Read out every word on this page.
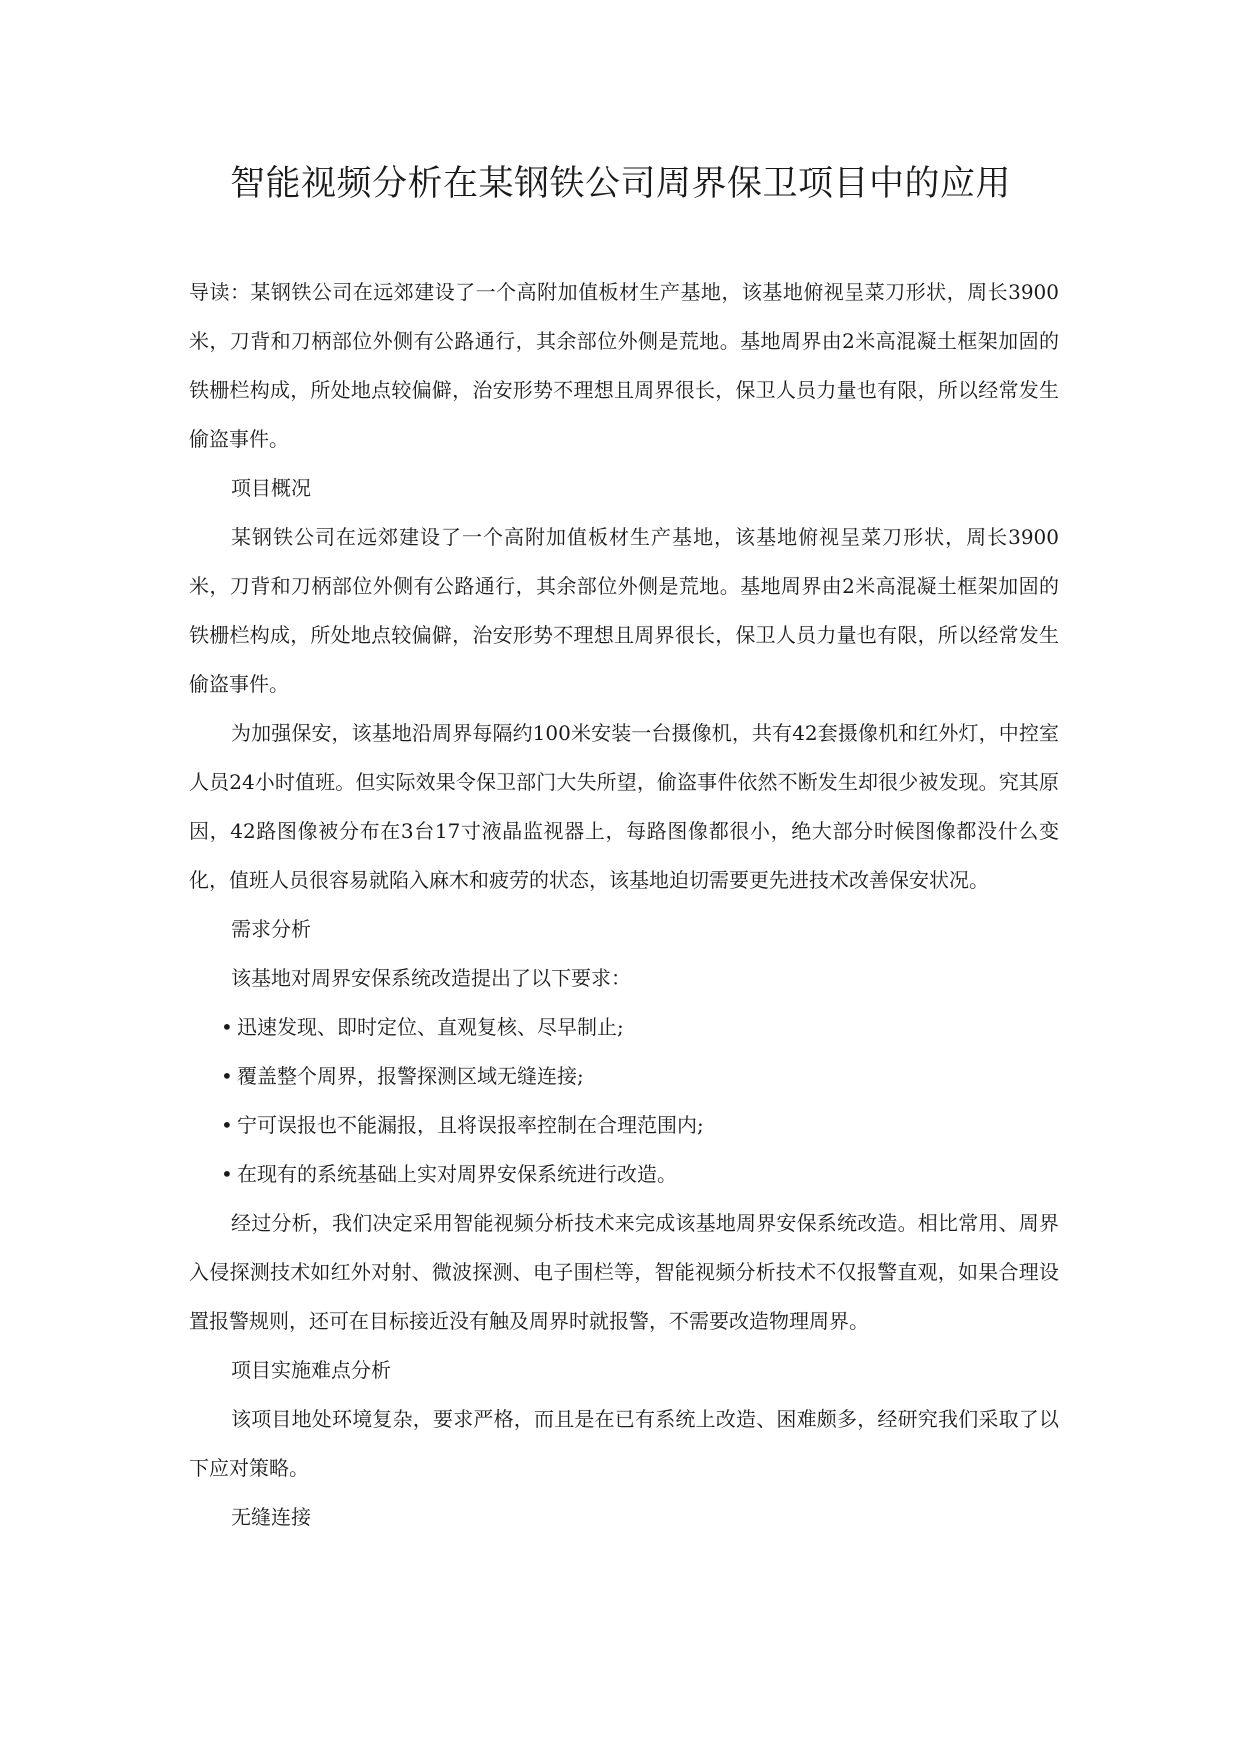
智能视频分析在某钢铁公司周界保卫项目中的应用

导读：某钢铁公司在远郊建设了一个高附加值板材生产基地，该基地俯视呈菜刀形状，周长3900米，刀背和刀柄部位外侧有公路通行，其余部位外侧是荒地。基地周界由2米高混凝土框架加固的铁栅栏构成，所处地点较偏僻，治安形势不理想且周界很长，保卫人员力量也有限，所以经常发生偷盗事件。

项目概况

某钢铁公司在远郊建设了一个高附加值板材生产基地，该基地俯视呈菜刀形状，周长3900米，刀背和刀柄部位外侧有公路通行，其余部位外侧是荒地。基地周界由2米高混凝土框架加固的铁栅栏构成，所处地点较偏僻，治安形势不理想且周界很长，保卫人员力量也有限，所以经常发生偷盗事件。

为加强保安，该基地沿周界每隔约100米安装一台摄像机，共有42套摄像机和红外灯，中控室人员24小时值班。但实际效果令保卫部门大失所望，偷盗事件依然不断发生却很少被发现。究其原因，42路图像被分布在3台17寸液晶监视器上，每路图像都很小，绝大部分时候图像都没什么变化，值班人员很容易就陷入麻木和疲劳的状态，该基地迫切需要更先进技术改善保安状况。

需求分析

该基地对周界安保系统改造提出了以下要求：

• 迅速发现、即时定位、直观复核、尽早制止;

• 覆盖整个周界，报警探测区域无缝连接;

• 宁可误报也不能漏报，且将误报率控制在合理范围内;

• 在现有的系统基础上实对周界安保系统进行改造。

经过分析，我们决定采用智能视频分析技术来完成该基地周界安保系统改造。相比常用、周界入侵探测技术如红外对射、微波探测、电子围栏等，智能视频分析技术不仅报警直观，如果合理设置报警规则，还可在目标接近没有触及周界时就报警，不需要改造物理周界。

项目实施难点分析

该项目地处环境复杂，要求严格，而且是在已有系统上改造、困难颇多，经研究我们采取了以下应对策略。

无缝连接
